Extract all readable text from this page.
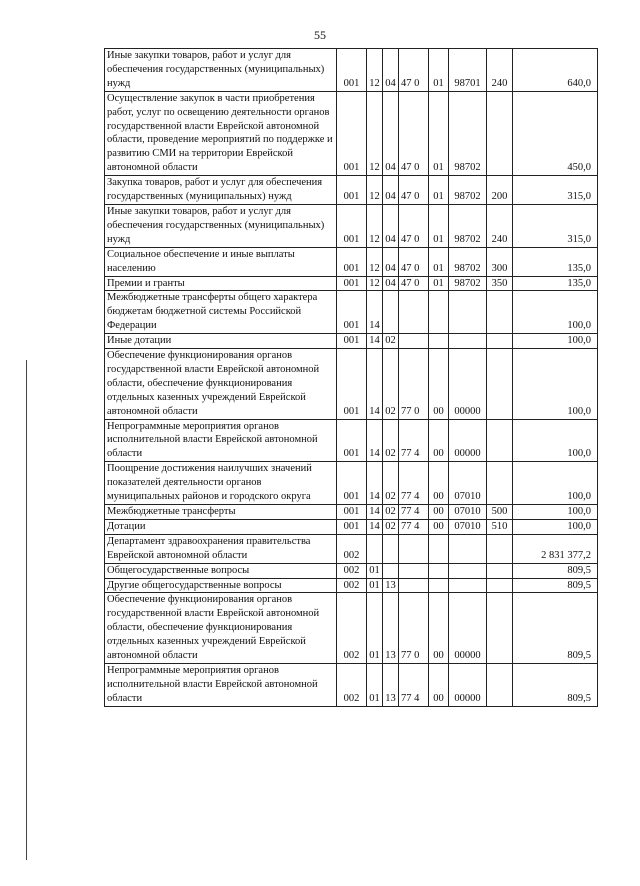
55
Иные закупки товаров, работ и услуг для обеспечения государственных (муниципальных) нужд	001	12	04	47 0	01	98701	240	640,0
Осуществление закупок в части приобретения работ, услуг по освещению деятельности органов государственной власти Еврейской автономной области, проведение мероприятий по поддержке и развитию СМИ на территории Еврейской автономной области	001	12	04	47 0	01	98702		450,0
Закупка товаров, работ и услуг для обеспечения государственных (муниципальных) нужд	001	12	04	47 0	01	98702	200	315,0
Иные закупки товаров, работ и услуг для обеспечения государственных (муниципальных) нужд	001	12	04	47 0	01	98702	240	315,0
Социальное обеспечение и иные выплаты населению	001	12	04	47 0	01	98702	300	135,0
Премии и гранты	001	12	04	47 0	01	98702	350	135,0
Межбюджетные трансферты общего характера бюджетам бюджетной системы Российской Федерации	001	14						100,0
Иные дотации	001	14	02					100,0
Обеспечение функционирования органов государственной власти Еврейской автономной области, обеспечение функционирования отдельных казенных учреждений Еврейской автономной области	001	14	02	77 0	00	00000		100,0
Непрограммные мероприятия органов исполнительной власти Еврейской автономной области	001	14	02	77 4	00	00000		100,0
Поощрение достижения наилучших значений показателей деятельности органов муниципальных районов и городского округа	001	14	02	77 4	00	07010		100,0
Межбюджетные трансферты	001	14	02	77 4	00	07010	500	100,0
Дотации	001	14	02	77 4	00	07010	510	100,0
Департамент здравоохранения правительства Еврейской автономной области	002							2 831 377,2
Общегосударственные вопросы	002	01						809,5
Другие общегосударственные вопросы	002	01	13					809,5
Обеспечение функционирования органов государственной власти Еврейской автономной области, обеспечение функционирования отдельных казенных учреждений Еврейской автономной области	002	01	13	77 0	00	00000		809,5
Непрограммные мероприятия органов исполнительной власти Еврейской автономной области	002	01	13	77 4	00	00000		809,5
